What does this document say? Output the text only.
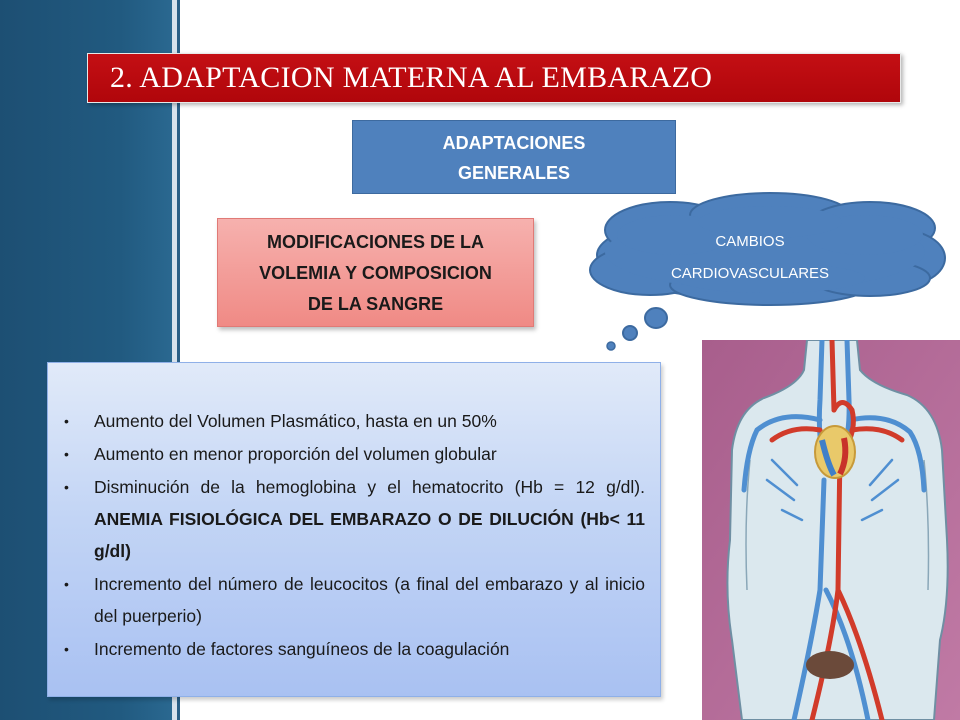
2. ADAPTACION MATERNA AL EMBARAZO
ADAPTACIONES
GENERALES
MODIFICACIONES DE LA
VOLEMIA Y COMPOSICION
DE LA SANGRE
CAMBIOS
CARDIOVASCULARES
• Aumento del Volumen Plasmático, hasta en un 50%
• Aumento en menor proporción del volumen globular
• Disminución de la hemoglobina y el hematocrito (Hb = 12 g/dl). ANEMIA FISIOLÓGICA DEL EMBARAZO O DE DILUCIÓN (Hb< 11 g/dl)
• Incremento del número de leucocitos (a final del embarazo y al inicio del puerperio)
• Incremento de factores sanguíneos de la coagulación
